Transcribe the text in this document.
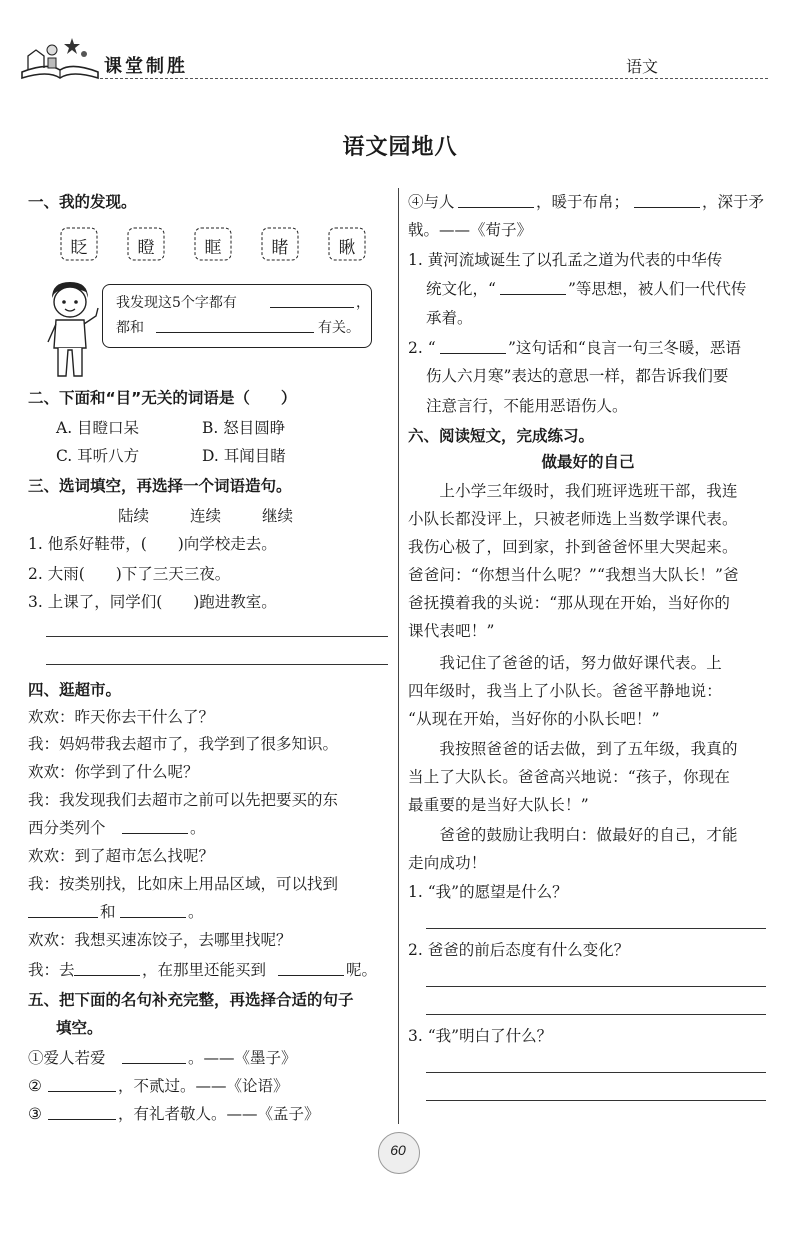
课堂制胜	语文
语文园地八
一、我的发现。
眨	瞪	眶	睹	瞅
我发现这5个字都有	，
都和	有关。
二、下面和“目”无关的词语是（　　）
A. 目瞪口呆	B. 怒目圆睁
C. 耳听八方	D. 耳闻目睹
三、选词填空，再选择一个词语造句。
陆续	连续	继续
1. 他系好鞋带，(　　)向学校走去。
2. 大雨(　　)下了三天三夜。
3. 上课了，同学们(　　)跑进教室。
四、逛超市。
欢欢：昨天你去干什么了？
我：妈妈带我去超市了，我学到了很多知识。
欢欢：你学到了什么呢？
我：我发现我们去超市之前可以先把要买的东
西分类列个	。
欢欢：到了超市怎么找呢？
我：按类别找，比如床上用品区域，可以找到
和	。
欢欢：我想买速冻饺子，去哪里找呢？
我：去	，在那里还能买到	呢。
五、把下面的名句补充完整，再选择合适的句子
填空。
①爱人若爱	。——《墨子》
②	，不贰过。——《论语》
③	，有礼者敬人。——《孟子》
④与人	，暖于布帛；	，深于矛
戟。——《荀子》
1. 黄河流域诞生了以孔孟之道为代表的中华传
统文化，“	”等思想，被人们一代代传
承着。
2. “	”这句话和“良言一句三冬暖，恶语
伤人六月寒”表达的意思一样，都告诉我们要
注意言行，不能用恶语伤人。
六、阅读短文，完成练习。
做最好的自己
　　上小学三年级时，我们班评选班干部，我连
小队长都没评上，只被老师选上当数学课代表。
我伤心极了，回到家，扑到爸爸怀里大哭起来。
爸爸问：“你想当什么呢？”“我想当大队长！”爸
爸抚摸着我的头说：“那从现在开始，当好你的
课代表吧！”
　　我记住了爸爸的话，努力做好课代表。上
四年级时，我当上了小队长。爸爸平静地说：
“从现在开始，当好你的小队长吧！”
　　我按照爸爸的话去做，到了五年级，我真的
当上了大队长。爸爸高兴地说：“孩子，你现在
最重要的是当好大队长！”
　　爸爸的鼓励让我明白：做最好的自己，才能
走向成功！
1. “我”的愿望是什么？
2. 爸爸的前后态度有什么变化？
3. “我”明白了什么？
60
